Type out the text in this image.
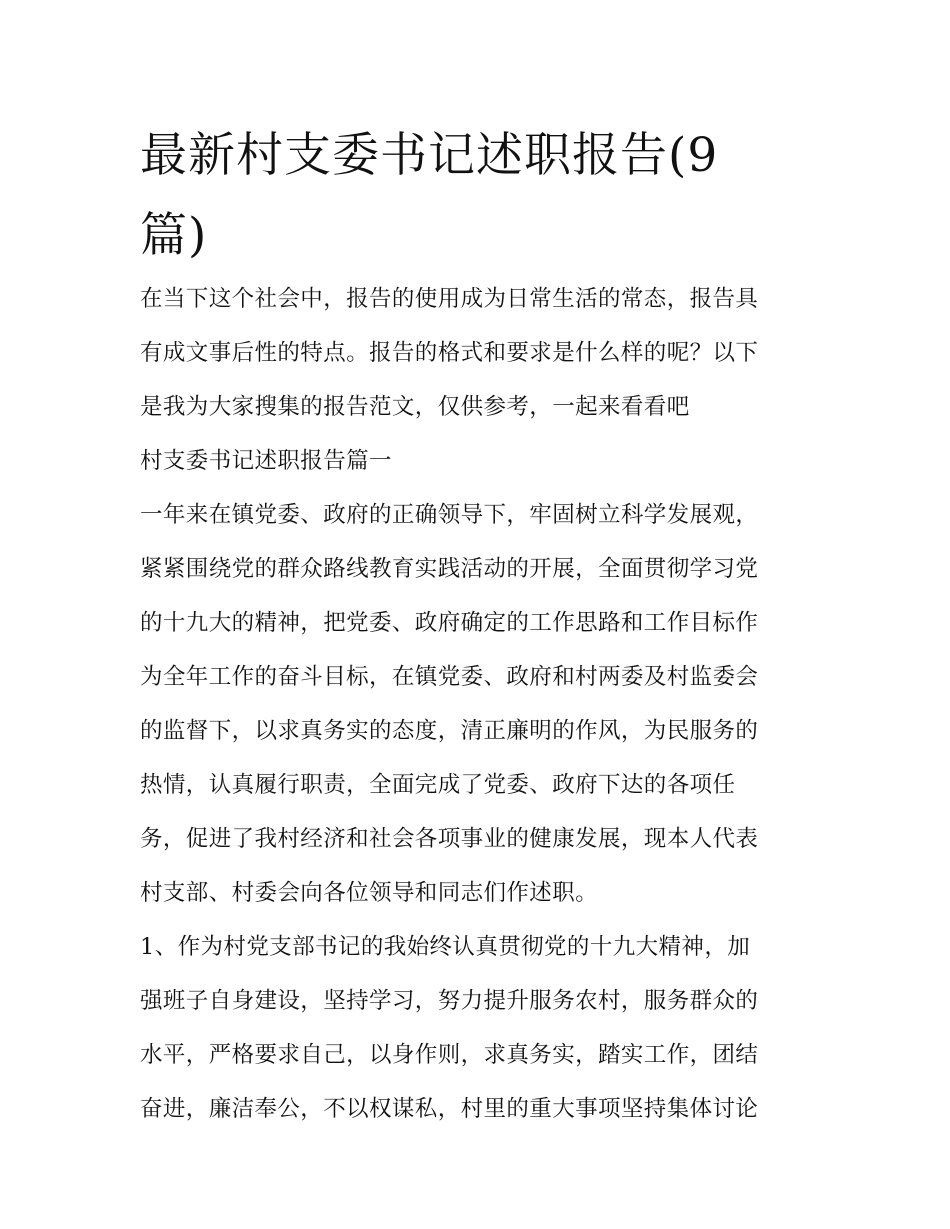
最新村支委书记述职报告(9
篇)
在当下这个社会中，报告的使用成为日常生活的常态，报告具
有成文事后性的特点。报告的格式和要求是什么样的呢？以下
是我为大家搜集的报告范文，仅供参考，一起来看看吧
村支委书记述职报告篇一
一年来在镇党委、政府的正确领导下，牢固树立科学发展观，
紧紧围绕党的群众路线教育实践活动的开展，全面贯彻学习党
的十九大的精神，把党委、政府确定的工作思路和工作目标作
为全年工作的奋斗目标，在镇党委、政府和村两委及村监委会
的监督下，以求真务实的态度，清正廉明的作风，为民服务的
热情，认真履行职责，全面完成了党委、政府下达的各项任
务，促进了我村经济和社会各项事业的健康发展，现本人代表
村支部、村委会向各位领导和同志们作述职。
1、作为村党支部书记的我始终认真贯彻党的十九大精神，加
强班子自身建设，坚持学习，努力提升服务农村，服务群众的
水平，严格要求自己，以身作则，求真务实，踏实工作，团结
奋进，廉洁奉公，不以权谋私，村里的重大事项坚持集体讨论
